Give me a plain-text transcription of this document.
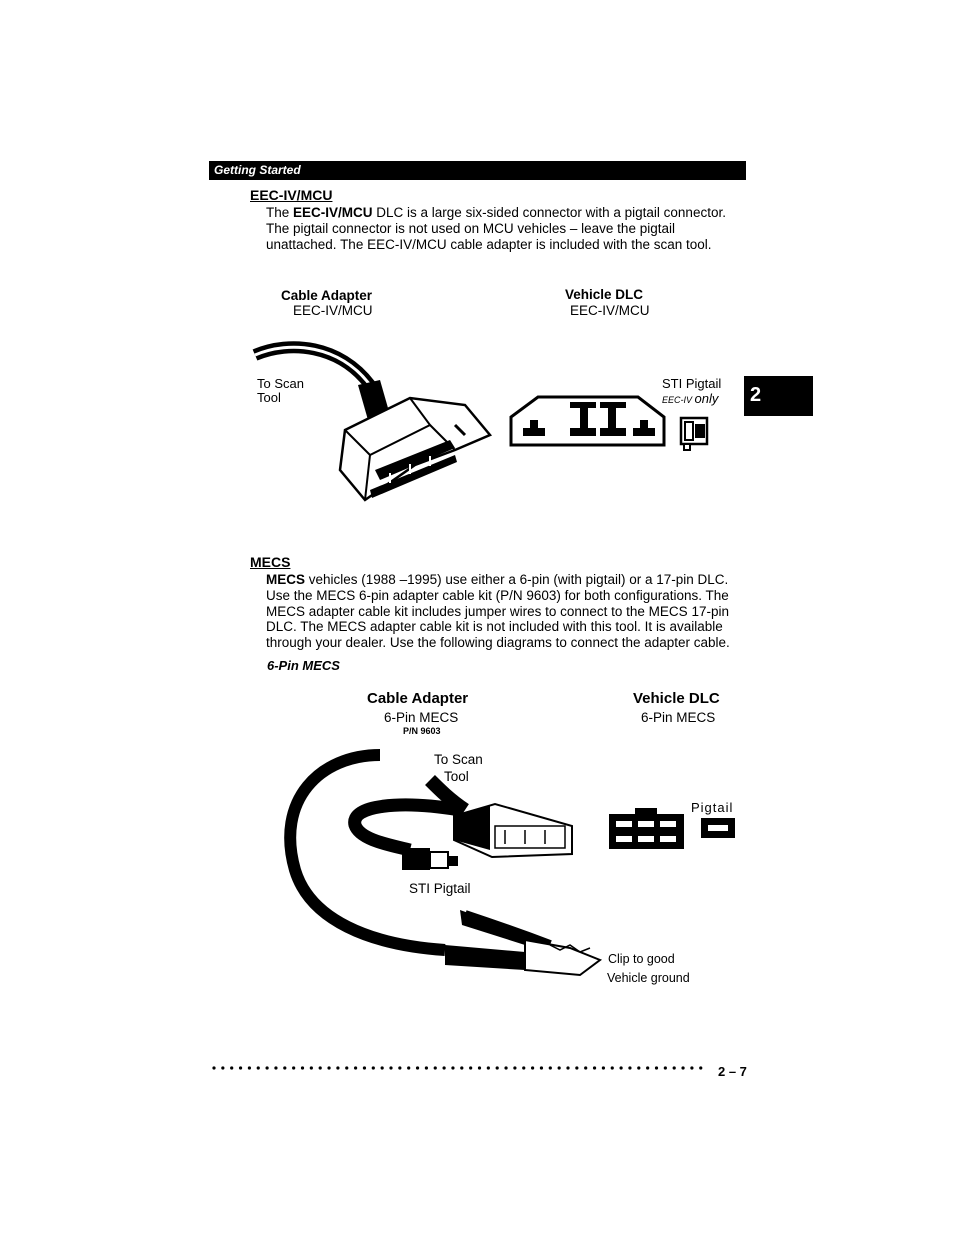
Getting Started
2
EEC-IV/MCU
The EEC-IV/MCU DLC is a large six-sided connector with a pigtail connector. The pigtail connector is not used on MCU vehicles – leave the pigtail unattached. The EEC-IV/MCU cable adapter is included with the scan tool.
Cable Adapter
EEC-IV/MCU
Vehicle DLC
EEC-IV/MCU
To Scan
Tool
STI Pigtail
EEC-IV only
MECS
MECS vehicles (1988 –1995) use either a 6-pin (with pigtail) or a 17-pin DLC. Use the MECS 6-pin adapter cable kit (P/N 9603) for both configurations. The MECS adapter cable kit includes jumper wires to connect to the MECS 17-pin DLC. The MECS adapter cable kit is not included with this tool. It is available through your dealer. Use the following diagrams to connect the adapter cable.
6-Pin MECS
Cable Adapter
6-Pin MECS
P/N 9603
Vehicle DLC
6-Pin MECS
To Scan
Tool
Pigtail
STI Pigtail
Clip to good
Vehicle ground
2 – 7
